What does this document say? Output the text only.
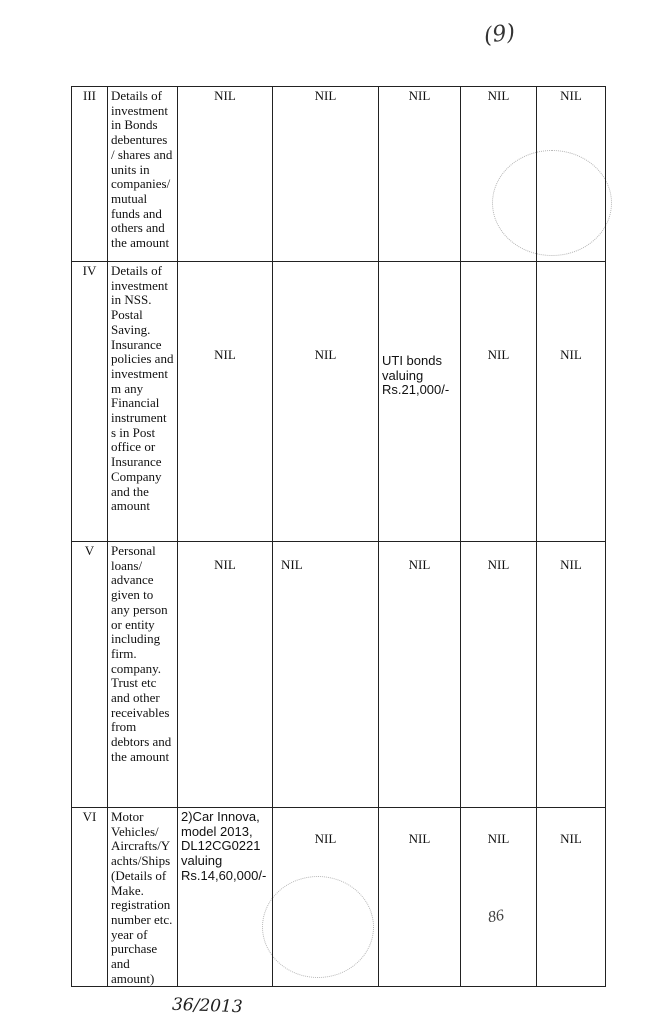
(9)
86
III	Details of investment in Bonds debentures / shares and units in companies/ mutual funds and others and the amount	NIL	NIL	NIL	NIL	NIL
IV	Details of investment in NSS. Postal Saving. Insurance policies and investment m any Financial instrument s in Post office or Insurance Company and the amount	NIL	NIL	UTI bonds valuing Rs.21,000/-	NIL	NIL

V	Personal loans/ advance given to any person or entity including firm. company. Trust etc and other receivables from debtors and the amount	NIL	NIL	NIL	NIL	NIL

VI	Motor Vehicles/ Aircrafts/Y achts/Ships (Details of Make. registration number etc. year of purchase and amount)	2)Car Innova, model 2013, DL12CG0221 valuing Rs.14,60,000/-	NIL	NIL	NIL	NIL
36/2013
